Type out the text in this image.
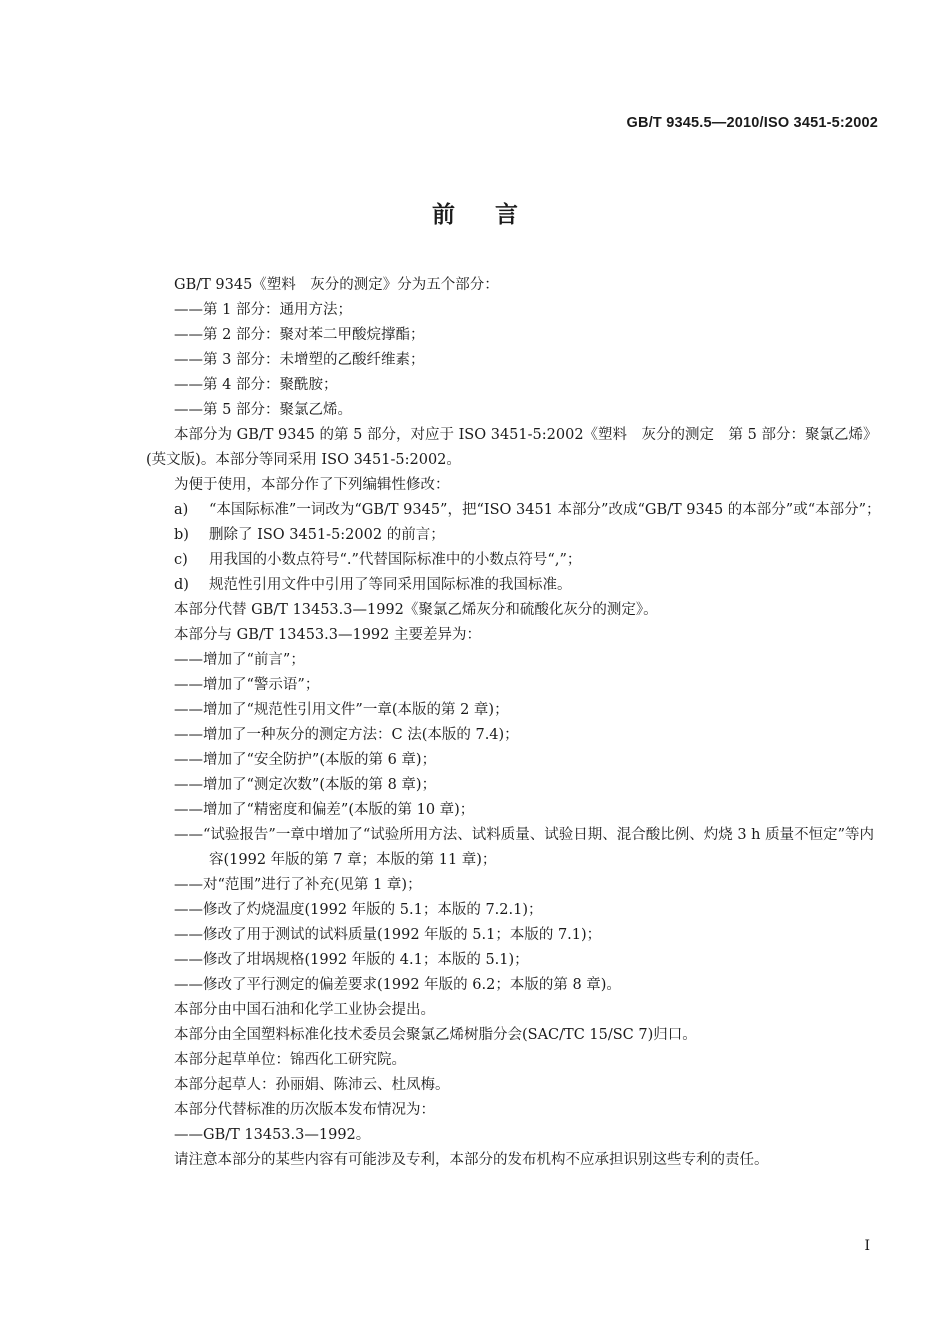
GB/T 9345.5—2010/ISO 3451-5:2002
前言
GB/T 9345《塑料　灰分的测定》分为五个部分：
——第 1 部分：通用方法；
——第 2 部分：聚对苯二甲酸烷撑酯；
——第 3 部分：未增塑的乙酸纤维素；
——第 4 部分：聚酰胺；
——第 5 部分：聚氯乙烯。
本部分为 GB/T 9345 的第 5 部分，对应于 ISO 3451-5:2002《塑料　灰分的测定　第 5 部分：聚氯乙烯》(英文版)。本部分等同采用 ISO 3451-5:2002。
为便于使用，本部分作了下列编辑性修改：
a) “本国际标准”一词改为“GB/T 9345”，把“ISO 3451 本部分”改成“GB/T 9345 的本部分”或“本部分”；
b) 删除了 ISO 3451-5:2002 的前言；
c) 用我国的小数点符号“.”代替国际标准中的小数点符号“,”；
d) 规范性引用文件中引用了等同采用国际标准的我国标准。
本部分代替 GB/T 13453.3—1992《聚氯乙烯灰分和硫酸化灰分的测定》。
本部分与 GB/T 13453.3—1992 主要差异为：
——增加了“前言”；
——增加了“警示语”；
——增加了“规范性引用文件”一章(本版的第 2 章)；
——增加了一种灰分的测定方法：C 法(本版的 7.4)；
——增加了“安全防护”(本版的第 6 章)；
——增加了“测定次数”(本版的第 8 章)；
——增加了“精密度和偏差”(本版的第 10 章)；
——“试验报告”一章中增加了“试验所用方法、试料质量、试验日期、混合酸比例、灼烧 3 h 质量不恒定”等内容(1992 年版的第 7 章；本版的第 11 章)；
——对“范围”进行了补充(见第 1 章)；
——修改了灼烧温度(1992 年版的 5.1；本版的 7.2.1)；
——修改了用于测试的试料质量(1992 年版的 5.1；本版的 7.1)；
——修改了坩埚规格(1992 年版的 4.1；本版的 5.1)；
——修改了平行测定的偏差要求(1992 年版的 6.2；本版的第 8 章)。
本部分由中国石油和化学工业协会提出。
本部分由全国塑料标准化技术委员会聚氯乙烯树脂分会(SAC/TC 15/SC 7)归口。
本部分起草单位：锦西化工研究院。
本部分起草人：孙丽娟、陈沛云、杜凤梅。
本部分代替标准的历次版本发布情况为：
——GB/T 13453.3—1992。
请注意本部分的某些内容有可能涉及专利，本部分的发布机构不应承担识别这些专利的责任。
I
